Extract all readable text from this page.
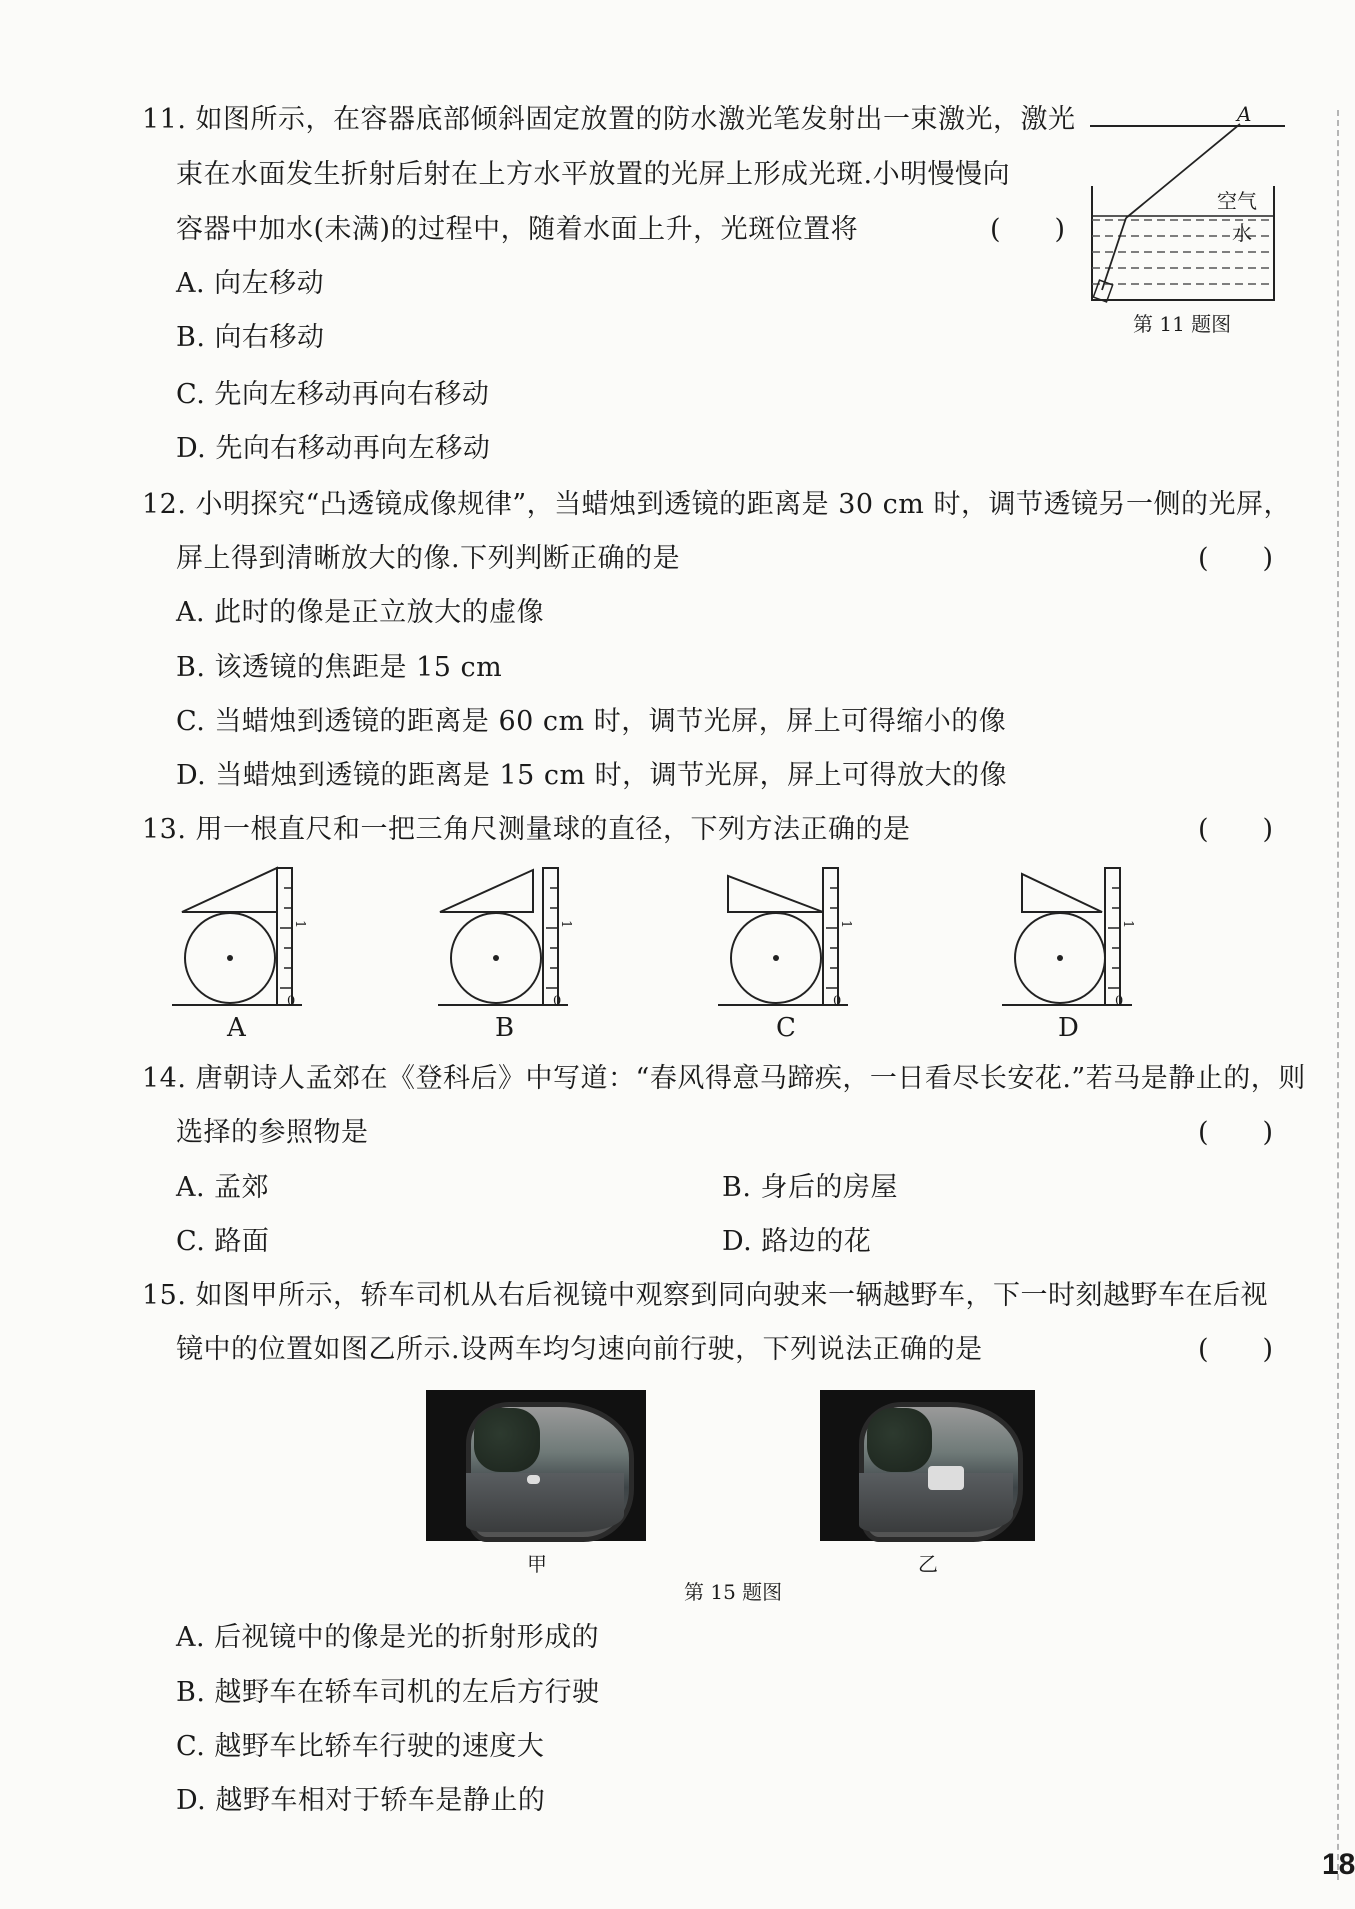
18
11. 如图所示，在容器底部倾斜固定放置的防水激光笔发射出一束激光，激光
束在水面发生折射后射在上方水平放置的光屏上形成光斑.小明慢慢向
容器中加水(未满)的过程中，随着水面上升，光斑位置将	(　　)
A. 向左移动
B. 向右移动
C. 先向左移动再向右移动
D. 先向右移动再向左移动
A
空气
水
第 11 题图
12. 小明探究“凸透镜成像规律”，当蜡烛到透镜的距离是 30 cm 时，调节透镜另一侧的光屏，
屏上得到清晰放大的像.下列判断正确的是	(　　)
A. 此时的像是正立放大的虚像
B. 该透镜的焦距是 15 cm
C. 当蜡烛到透镜的距离是 60 cm 时，调节光屏，屏上可得缩小的像
D. 当蜡烛到透镜的距离是 15 cm 时，调节光屏，屏上可得放大的像
13. 用一根直尺和一把三角尺测量球的直径，下列方法正确的是	(　　)
1
0
A
1
0
B
1
0
C
1
0
D
14. 唐朝诗人孟郊在《登科后》中写道：“春风得意马蹄疾，一日看尽长安花.”若马是静止的，则
选择的参照物是	(　　)
A. 孟郊	B. 身后的房屋
C. 路面	D. 路边的花
15. 如图甲所示，轿车司机从右后视镜中观察到同向驶来一辆越野车，下一时刻越野车在后视
镜中的位置如图乙所示.设两车均匀速向前行驶，下列说法正确的是	(　　)
甲	乙
第 15 题图
A. 后视镜中的像是光的折射形成的
B. 越野车在轿车司机的左后方行驶
C. 越野车比轿车行驶的速度大
D. 越野车相对于轿车是静止的
